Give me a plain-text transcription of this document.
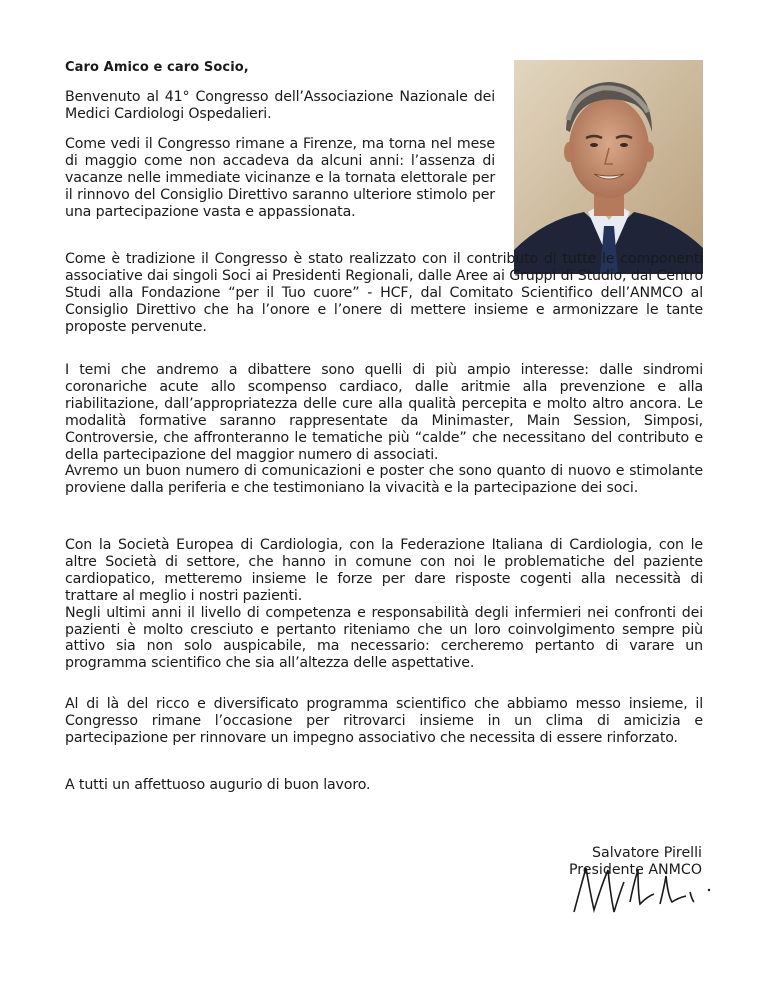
Caro Amico e caro Socio,

Benvenuto al 41° Congresso dell’Associazione Nazionale dei Medici Cardiologi Ospedalieri.

Come vedi il Congresso rimane a Firenze, ma torna nel mese di maggio come non accadeva da alcuni anni: l’assenza di vacanze nelle immediate vicinanze e la tornata elettorale per il rinnovo del Consiglio Direttivo saranno ulteriore stimolo per una partecipazione vasta e appassionata.

Come è tradizione il Congresso è stato realizzato con il contributo di tutte le componenti associative dai singoli Soci ai Presidenti Regionali, dalle Aree ai Gruppi di Studio, dal Centro Studi alla Fondazione “per il Tuo cuore” - HCF, dal Comitato Scientifico dell’ANMCO al Consiglio Direttivo che ha l’onore e l’onere di mettere insieme e armonizzare le tante proposte pervenute.

I temi che andremo a dibattere sono quelli di più ampio interesse: dalle sindromi coronariche acute allo scompenso cardiaco, dalle aritmie alla prevenzione e alla riabilitazione, dall’appropriatezza delle cure alla qualità percepita e molto altro ancora. Le modalità formative saranno rappresentate da Minimaster, Main Session, Simposi, Controversie, che affronteranno le tematiche più “calde” che necessitano del contributo e della partecipazione del maggior numero di associati.
Avremo un buon numero di comunicazioni e poster che sono quanto di nuovo e stimolante proviene dalla periferia e che testimoniano la vivacità e la partecipazione dei soci.

Con la Società Europea di Cardiologia, con la Federazione Italiana di Cardiologia, con le altre Società di settore, che hanno in comune con noi le problematiche del paziente cardiopatico, metteremo insieme le forze per dare risposte cogenti alla necessità di trattare al meglio i nostri pazienti.
Negli ultimi anni il livello di competenza e responsabilità degli infermieri nei confronti dei pazienti è molto cresciuto e pertanto riteniamo che un loro coinvolgimento sempre più attivo sia non solo auspicabile, ma necessario: cercheremo pertanto di varare un programma scientifico che sia all’altezza delle aspettative.

Al di là del ricco e diversificato programma scientifico che abbiamo messo insieme, il Congresso rimane l’occasione per ritrovarci insieme in un clima di amicizia e partecipazione per rinnovare un impegno associativo che necessita di essere rinforzato.

A tutti un affettuoso augurio di buon lavoro.

Salvatore Pirelli
Presidente ANMCO
